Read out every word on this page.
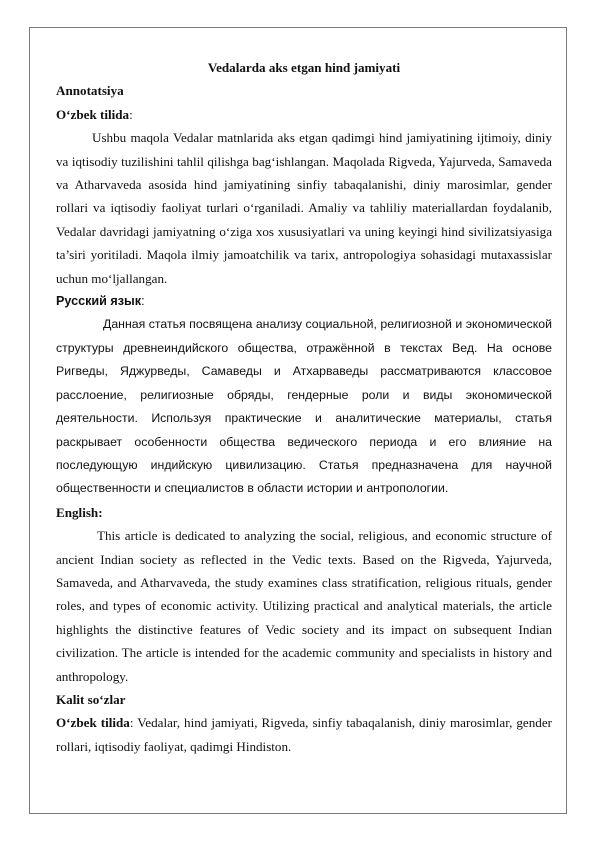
Vedalarda aks etgan hind jamiyati

Annotatsiya

O‘zbek tilida:

Ushbu maqola Vedalar matnlarida aks etgan qadimgi hind jamiyatining ijtimoiy, diniy va iqtisodiy tuzilishini tahlil qilishga bag‘ishlangan. Maqolada Rigveda, Yajurveda, Samaveda va Atharvaveda asosida hind jamiyatining sinfiy tabaqalanishi, diniy marosimlar, gender rollari va iqtisodiy faoliyat turlari o‘rganiladi. Amaliy va tahliliy materiallardan foydalanib, Vedalar davridagi jamiyatning o‘ziga xos xususiyatlari va uning keyingi hind sivilizatsiyasiga ta’siri yoritiladi. Maqola ilmiy jamoatchilik va tarix, antropologiya sohasidagi mutaxassislar uchun mo‘ljallangan.

Русский язык:

Данная статья посвящена анализу социальной, религиозной и экономической структуры древнеиндийского общества, отражённой в текстах Вед. На основе Ригведы, Яджурведы, Самаведы и Атхарваведы рассматриваются классовое расслоение, религиозные обряды, гендерные роли и виды экономической деятельности. Используя практические и аналитические материалы, статья раскрывает особенности общества ведического периода и его влияние на последующую индийскую цивилизацию. Статья предназначена для научной общественности и специалистов в области истории и антропологии.

English:

This article is dedicated to analyzing the social, religious, and economic structure of ancient Indian society as reflected in the Vedic texts. Based on the Rigveda, Yajurveda, Samaveda, and Atharvaveda, the study examines class stratification, religious rituals, gender roles, and types of economic activity. Utilizing practical and analytical materials, the article highlights the distinctive features of Vedic society and its impact on subsequent Indian civilization. The article is intended for the academic community and specialists in history and anthropology.

Kalit so‘zlar

O‘zbek tilida: Vedalar, hind jamiyati, Rigveda, sinfiy tabaqalanish, diniy marosimlar, gender rollari, iqtisodiy faoliyat, qadimgi Hindiston.
